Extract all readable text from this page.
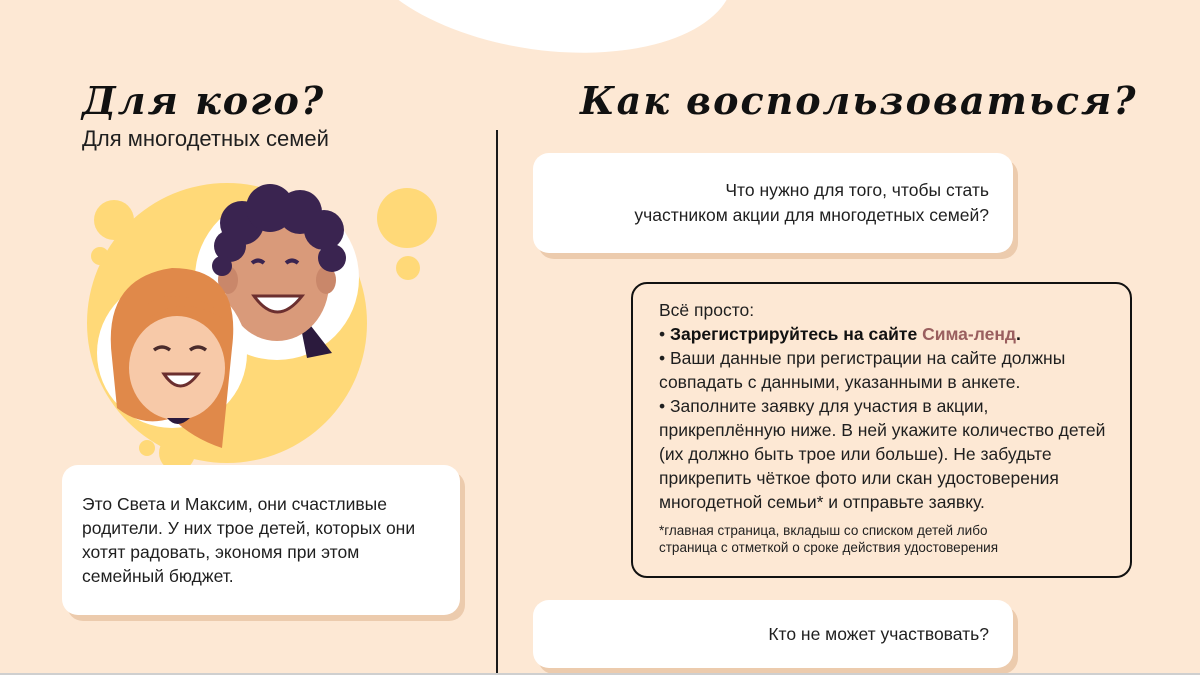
Для кого?
Для многодетных семей

Это Света и Максим, они счастливые родители. У них трое детей, которых они хотят радовать, экономя при этом семейный бюджет.

Как воспользоваться?

Что нужно для того, чтобы стать
участником акции для многодетных семей?

Всё просто:

• Зарегистрируйтесь на сайте Сима-ленд.

• Ваши данные при регистрации на сайте должны совпадать с данными, указанными в анкете.

• Заполните заявку для участия в акции, прикреплённую ниже. В ней укажите количество детей (их должно быть трое или больше). Не забудьте прикрепить чёткое фото или скан удостоверения многодетной семьи* и отправьте заявку.

*главная страница, вкладыш со списком детей либо
страница с отметкой о сроке действия удостоверения

Кто не может участвовать?
